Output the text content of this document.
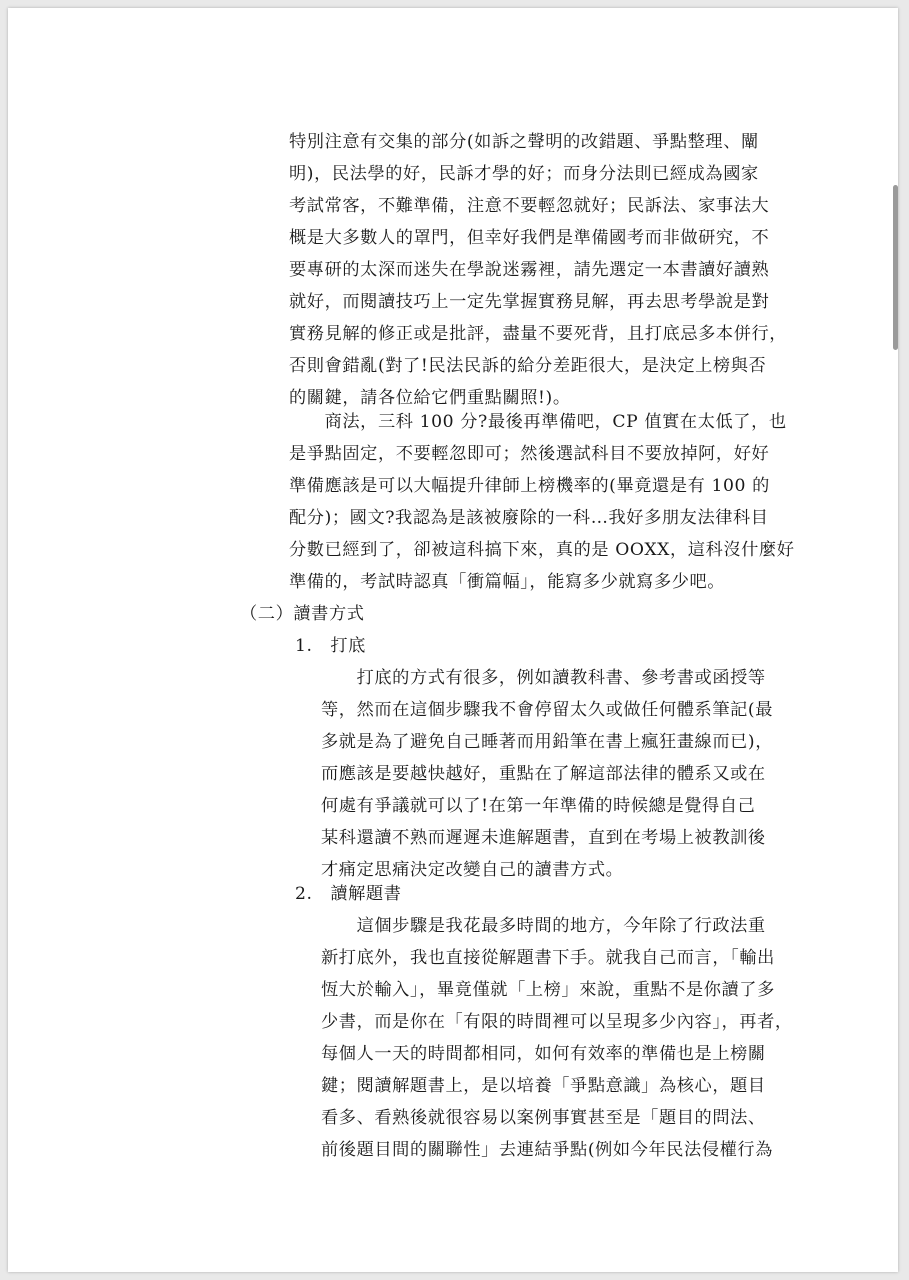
特別注意有交集的部分(如訴之聲明的改錯題、爭點整理、闡
明)，民法學的好，民訴才學的好；而身分法則已經成為國家
考試常客，不難準備，注意不要輕忽就好；民訴法、家事法大
概是大多數人的罩門，但幸好我們是準備國考而非做研究，不
要專研的太深而迷失在學說迷霧裡，請先選定一本書讀好讀熟
就好，而閱讀技巧上一定先掌握實務見解，再去思考學說是對
實務見解的修正或是批評，盡量不要死背，且打底忌多本併行，
否則會錯亂(對了!民法民訴的給分差距很大，是決定上榜與否
的關鍵，請各位給它們重點關照!)。
　　商法，三科 100 分?最後再準備吧，CP 值實在太低了，也
是爭點固定，不要輕忽即可；然後選試科目不要放掉阿，好好
準備應該是可以大幅提升律師上榜機率的(畢竟還是有 100 的
配分)；國文?我認為是該被廢除的一科…我好多朋友法律科目
分數已經到了，卻被這科搞下來，真的是 OOXX，這科沒什麼好
準備的，考試時認真「衝篇幅」，能寫多少就寫多少吧。
（二）讀書方式
1.　打底
　　打底的方式有很多，例如讀教科書、參考書或函授等
等，然而在這個步驟我不會停留太久或做任何體系筆記(最
多就是為了避免自己睡著而用鉛筆在書上瘋狂畫線而已)，
而應該是要越快越好，重點在了解這部法律的體系又或在
何處有爭議就可以了!在第一年準備的時候總是覺得自己
某科還讀不熟而遲遲未進解題書，直到在考場上被教訓後
才痛定思痛決定改變自己的讀書方式。
2.　讀解題書
　　這個步驟是我花最多時間的地方，今年除了行政法重
新打底外，我也直接從解題書下手。就我自己而言，「輸出
恆大於輸入」，畢竟僅就「上榜」來說，重點不是你讀了多
少書，而是你在「有限的時間裡可以呈現多少內容」，再者，
每個人一天的時間都相同，如何有效率的準備也是上榜關
鍵；閱讀解題書上，是以培養「爭點意識」為核心，題目
看多、看熟後就很容易以案例事實甚至是「題目的問法、
前後題目間的關聯性」去連結爭點(例如今年民法侵權行為
